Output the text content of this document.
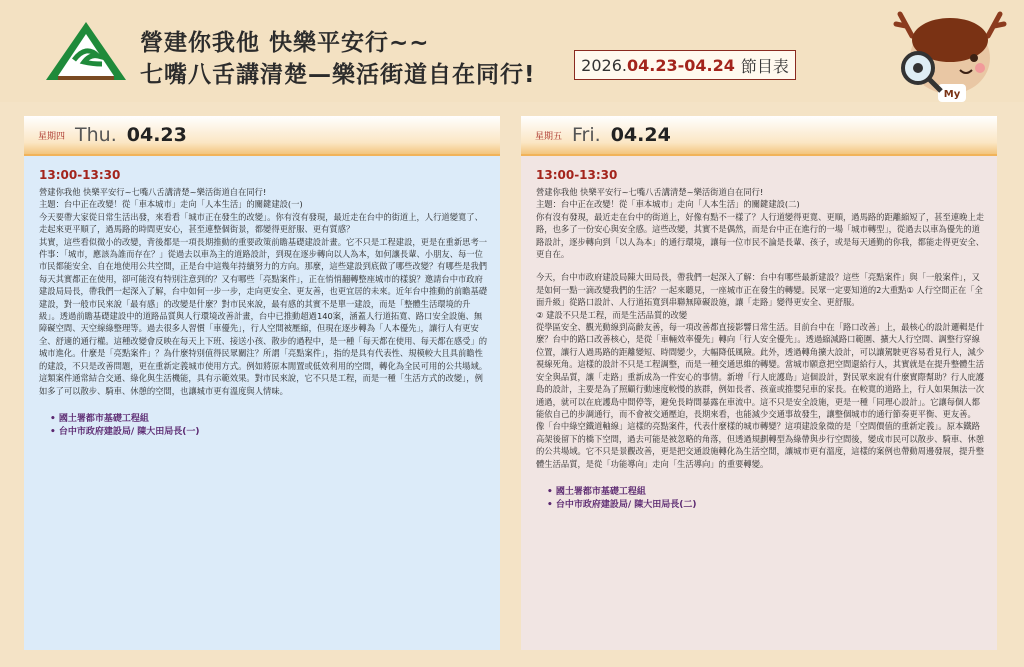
營建你我他 快樂平安行~~
七嘴八舌講清楚—樂活街道自在同行!	2026.04.23-04.24 節目表
My
星期四 Thu. 04.23
13:00-13:30

營建你我他 快樂平安行~七嘴八舌講清楚~樂活街道自在同行!

主題：台中正在改變！從「車本城市」走向「人本生活」的關鍵建設(一)

今天要帶大家從日常生活出發，來看看「城市正在發生的改變」。你有沒有發現，最近走在台中的街道上，人行道變寬了、走起來更平順了，過馬路的時間更安心，甚至連整個街景，都變得更舒服、更有質感？

其實，這些看似微小的改變，背後都是一項長期推動的重要政策前瞻基礎建設計畫。它不只是工程建設，更是在重新思考一件事：「城市，應該為誰而存在？」從過去以車為主的道路設計，到現在逐步轉向以人為本，如何讓長輩、小朋友、每一位市民都能安全、自在地使用公共空間，正是台中這幾年持續努力的方向。那麼，這些建設到底做了哪些改變？有哪些是我們每天其實都正在使用，卻可能沒有特別注意到的？又有哪些「亮點案件」，正在悄悄翻轉整座城市的樣貌？邀請台中市政府建設局局長，帶我們一起深入了解，台中如何一步一步，走向更安全、更友善，也更宜居的未來。近年台中推動的前瞻基礎建設，對一般市民來說「最有感」的改變是什麼？對市民來說，最有感的其實不是單一建設，而是「整體生活環境的升級」。透過前瞻基礎建設中的道路品質與人行環境改善計畫，台中已推動超過140案，涵蓋人行道拓寬、路口安全設施、無障礙空間、天空線綠整理等。過去很多人習慣「車優先」，行人空間被壓縮，但現在逐步轉為「人本優先」，讓行人有更安全、舒適的通行權。這種改變會反映在每天上下班、接送小孩、散步的過程中，是一種「每天都在使用、每天都在感受」的城市進化。什麼是「亮點案件」？為什麼特別值得民眾關注？所謂「亮點案件」，指的是具有代表性、規模較大且具前瞻性的建設，不只是改善問題，更在重新定義城市使用方式。例如將原本閒置或低效利用的空間，轉化為全民可用的公共場域。這類案件通常結合交通、綠化與生活機能，具有示範效果。對市民來說，它不只是工程，而是一種「生活方式的改變」，例如多了可以散步、騎車、休憩的空間，也讓城市更有溫度與人情味。

• 國土署都市基礎工程組
• 台中市政府建設局/ 陳大田局長(一)
星期五 Fri. 04.24
13:00-13:30

營建你我他 快樂平安行~七嘴八舌講清楚~樂活街道自在同行!

主題：台中正在改變！從「車本城市」走向「人本生活」的關鍵建設(二)

你有沒有發現，最近走在台中的街道上，好像有點不一樣了？人行道變得更寬、更順，過馬路的距離縮短了，甚至連晚上走路，也多了一份安心與安全感。這些改變，其實不是偶然，而是台中正在進行的一場「城市轉型」，從過去以車為優先的道路設計，逐步轉向到「以人為本」的通行環境，讓每一位市民不論是長輩、孩子，或是每天通勤的你我，都能走得更安全、更自在。

今天，台中市政府建設局陳大田局長，帶我們一起深入了解：台中有哪些最新建設？這些「亮點案件」與「一般案件」，又是如何一點一滴改變我們的生活？一起來聽見，一座城市正在發生的轉變。民眾一定要知道的2大重點① 人行空間正在「全面升級」從路口設計、人行道拓寬到串聯無障礙設施，讓「走路」變得更安全、更舒服。

② 建設不只是工程，而是生活品質的改變

從學區安全、觀光動線到高齡友善，每一項改善都直接影響日常生活。目前台中在「路口改善」上，最核心的設計邏輯是什麼？台中的路口改善核心，是從「車輛效率優先」轉向「行人安全優先」。透過縮減路口範圍、擴大人行空間、調整行穿線位置，讓行人過馬路的距離變短、時間變少，大幅降低風險。此外，透過轉角擴大設計，可以讓駕駛更容易看見行人，減少視線死角。這樣的設計不只是工程調整，而是一種交通思維的轉變。當城市願意把空間還給行人，其實就是在提升整體生活安全與品質，讓「走路」重新成為一件安心的事情。新增「行人庇護島」這個設計，對民眾來說有什麼實際幫助？行人庇護島的設計，主要是為了照顧行動速度較慢的族群，例如長者、孩童或推嬰兒車的家長。在較寬的道路上，行人如果無法一次通過，就可以在庇護島中間停等，避免長時間暴露在車流中。這不只是安全設施，更是一種「同理心設計」。它讓每個人都能依自己的步調通行，而不會被交通壓迫，長期來看，也能減少交通事故發生，讓整個城市的通行節奏更平衡、更友善。

像「台中綠空鐵道軸線」這樣的亮點案件，代表什麼樣的城市轉變？這項建設象徵的是「空間價值的重新定義」。原本鐵路高架後留下的橋下空間，過去可能是被忽略的角落，但透過規劃轉型為綠帶與步行空間後，變成市民可以散步、騎車、休憩的公共場域。它不只是景觀改善，更是把交通設施轉化為生活空間，讓城市更有溫度，這樣的案例也帶動周邊發展，提升整體生活品質，是從「功能導向」走向「生活導向」的重要轉變。

• 國土署都市基礎工程組
• 台中市政府建設局/ 陳大田局長(二)
